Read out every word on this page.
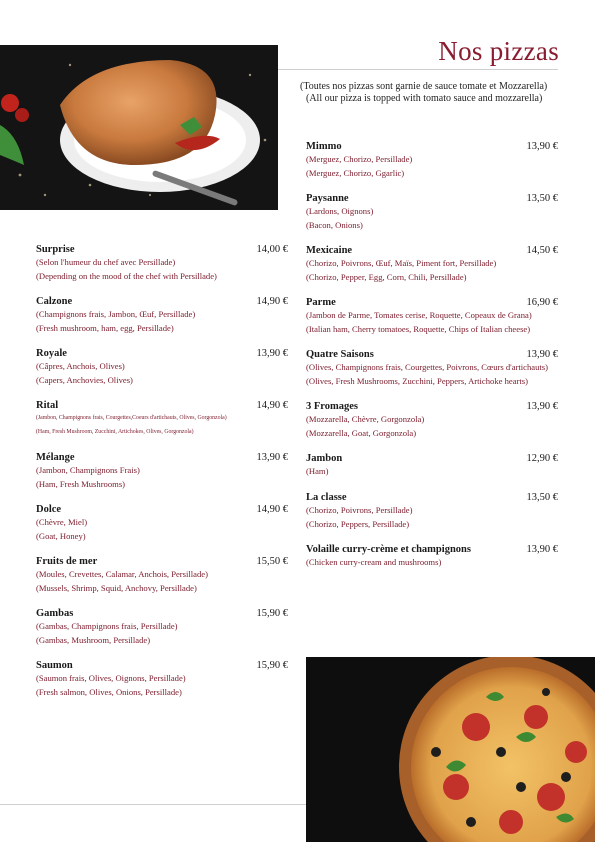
Nos pizzas
(Toutes nos pizzas sont garnie de sauce tomate et Mozzarella)
(All our pizza is topped with tomato sauce and mozzarella)
Surprise	14,00 €
(Selon l'humeur du chef avec Persillade)
(Depending on the mood of the chef with Persillade)
Calzone	14,90 €
(Champignons frais, Jambon, Œuf, Persillade)
(Fresh mushroom, ham, egg, Persillade)
Royale	13,90 €
(Câpres, Anchois, Olives)
(Capers, Anchovies, Olives)
Rital	14,90 €
(Jambon, Champignons frais, Courgettes,Coeurs d'artichauts, Olives, Gorgonzola)
(Ham, Fresh Mushroom, Zucchini, Artichokes, Olives, Gorgonzola)
Mélange	13,90 €
(Jambon, Champignons Frais)
(Ham, Fresh Mushrooms)
Dolce	14,90 €
(Chèvre, Miel)
(Goat, Honey)
Fruits de mer	15,50 €
(Moules, Crevettes, Calamar, Anchois, Persillade)
(Mussels, Shrimp, Squid, Anchovy, Persillade)
Gambas	15,90 €
(Gambas, Champignons frais, Persillade)
(Gambas, Mushroom, Persillade)
Saumon	15,90 €
(Saumon frais, Olives, Oignons, Persillade)
(Fresh salmon, Olives, Onions, Persillade)
Mimmo	13,90 €
(Merguez, Chorizo, Persillade)
(Merguez, Chorizo, Ggarlic)
Paysanne	13,50 €
(Lardons, Oignons)
(Bacon, Onions)
Mexicaine	14,50 €
(Chorizo, Poivrons, Œuf, Maïs, Piment fort, Persillade)
(Chorizo, Pepper, Egg, Corn, Chili, Persillade)
Parme	16,90 €
(Jambon de Parme, Tomates cerise, Roquette, Copeaux de Grana)
(Italian ham, Cherry tomatoes, Roquette, Chips of Italian cheese)
Quatre Saisons	13,90 €
(Olives, Champignons frais, Courgettes, Poivrons, Cœurs d'artichauts)
(Olives, Fresh Mushrooms, Zucchini, Peppers, Artichoke hearts)
3 Fromages	13,90 €
(Mozzarella, Chèvre, Gorgonzola)
(Mozzarella, Goat, Gorgonzola)
Jambon	12,90 €
(Ham)
La classe	13,50 €
(Chorizo, Poivrons, Persillade)
(Chorizo, Peppers, Persillade)
Volaille curry-crème et champignons	13,90 €
(Chicken curry-cream and mushrooms)
